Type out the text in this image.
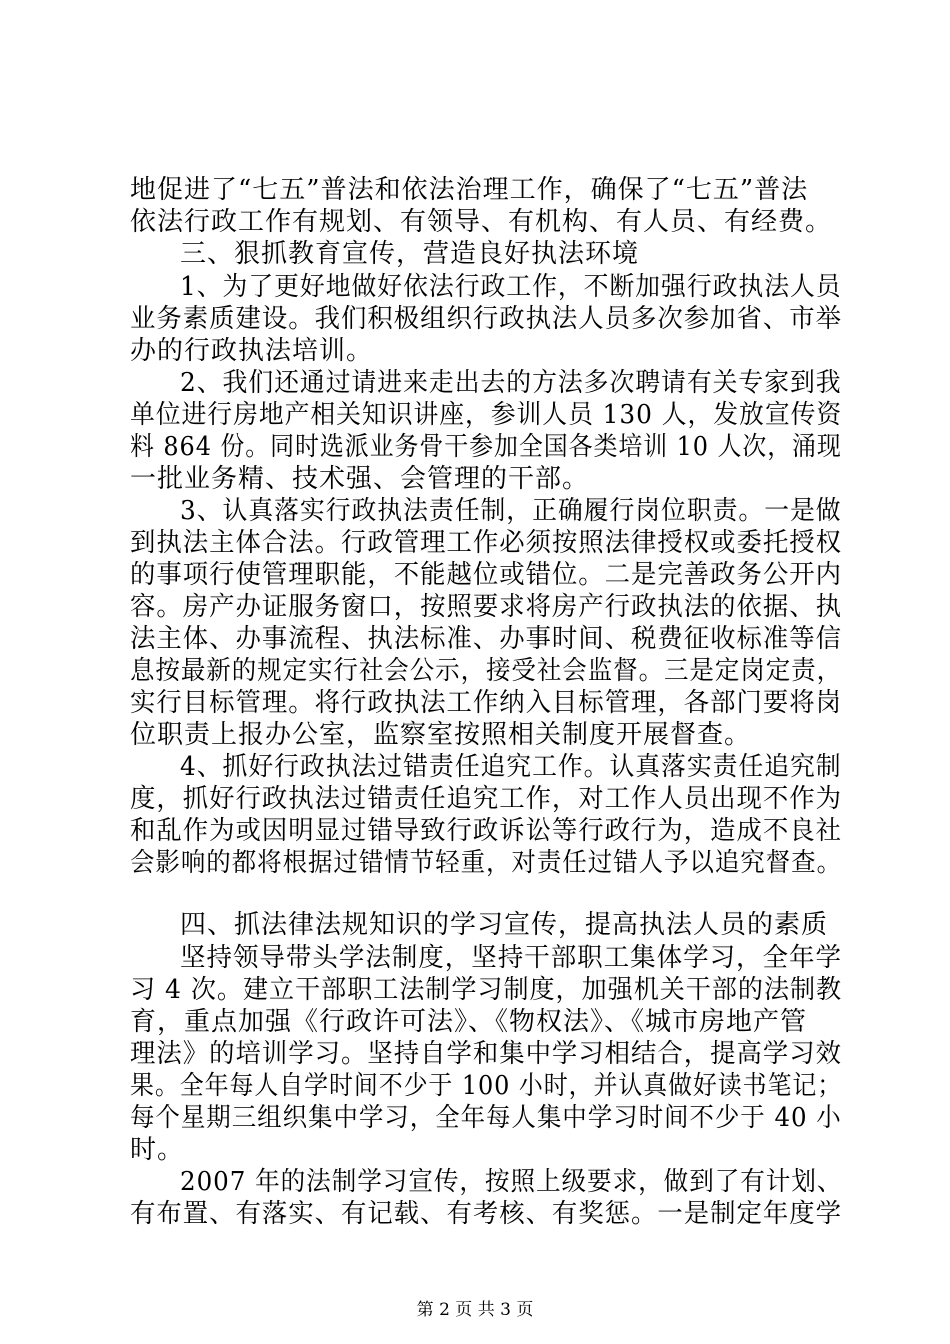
地促进了“七五”普法和依法治理工作，确保了“七五”普法
依法行政工作有规划、有领导、有机构、有人员、有经费。
三、狠抓教育宣传，营造良好执法环境
1、为了更好地做好依法行政工作，不断加强行政执法人员
业务素质建设。我们积极组织行政执法人员多次参加省、市举
办的行政执法培训。
2、我们还通过请进来走出去的方法多次聘请有关专家到我
单位进行房地产相关知识讲座，参训人员 130 人，发放宣传资
料 864 份。同时选派业务骨干参加全国各类培训 10 人次，涌现
一批业务精、技术强、会管理的干部。
3、认真落实行政执法责任制，正确履行岗位职责。一是做
到执法主体合法。行政管理工作必须按照法律授权或委托授权
的事项行使管理职能，不能越位或错位。二是完善政务公开内
容。房产办证服务窗口，按照要求将房产行政执法的依据、执
法主体、办事流程、执法标准、办事时间、税费征收标准等信
息按最新的规定实行社会公示，接受社会监督。三是定岗定责，
实行目标管理。将行政执法工作纳入目标管理，各部门要将岗
位职责上报办公室，监察室按照相关制度开展督查。
4、抓好行政执法过错责任追究工作。认真落实责任追究制
度，抓好行政执法过错责任追究工作，对工作人员出现不作为
和乱作为或因明显过错导致行政诉讼等行政行为，造成不良社
会影响的都将根据过错情节轻重，对责任过错人予以追究督查。
四、抓法律法规知识的学习宣传，提高执法人员的素质
坚持领导带头学法制度，坚持干部职工集体学习，全年学
习 4 次。建立干部职工法制学习制度，加强机关干部的法制教
育，重点加强《行政许可法》、《物权法》、《城市房地产管
理法》的培训学习。坚持自学和集中学习相结合，提高学习效
果。全年每人自学时间不少于 100 小时，并认真做好读书笔记；
每个星期三组织集中学习，全年每人集中学习时间不少于 40 小
时。
2007 年的法制学习宣传，按照上级要求，做到了有计划、
有布置、有落实、有记载、有考核、有奖惩。一是制定年度学
第 2 页 共 3 页
